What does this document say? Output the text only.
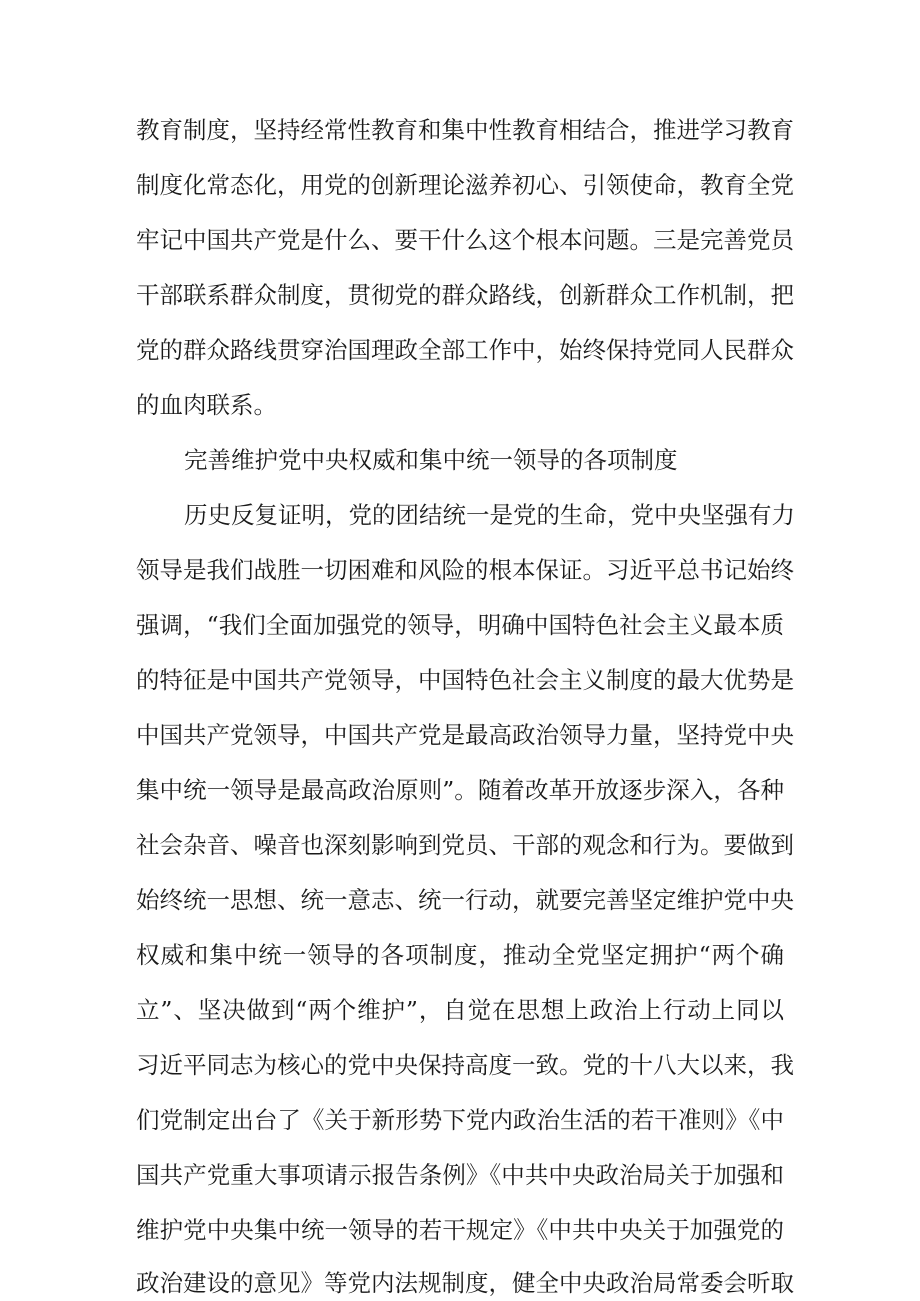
教育制度，坚持经常性教育和集中性教育相结合，推进学习教育
制度化常态化，用党的创新理论滋养初心、引领使命，教育全党
牢记中国共产党是什么、要干什么这个根本问题。三是完善党员
干部联系群众制度，贯彻党的群众路线，创新群众工作机制，把
党的群众路线贯穿治国理政全部工作中，始终保持党同人民群众
的血肉联系。
完善维护党中央权威和集中统一领导的各项制度
历史反复证明，党的团结统一是党的生命，党中央坚强有力
领导是我们战胜一切困难和风险的根本保证。习近平总书记始终
强调，“我们全面加强党的领导，明确中国特色社会主义最本质
的特征是中国共产党领导，中国特色社会主义制度的最大优势是
中国共产党领导，中国共产党是最高政治领导力量，坚持党中央
集中统一领导是最高政治原则”。随着改革开放逐步深入，各种
社会杂音、噪音也深刻影响到党员、干部的观念和行为。要做到
始终统一思想、统一意志、统一行动，就要完善坚定维护党中央
权威和集中统一领导的各项制度，推动全党坚定拥护“两个确
立”、坚决做到“两个维护”，自觉在思想上政治上行动上同以
习近平同志为核心的党中央保持高度一致。党的十八大以来，我
们党制定出台了《关于新形势下党内政治生活的若干准则》《中
国共产党重大事项请示报告条例》《中共中央政治局关于加强和
维护党中央集中统一领导的若干规定》《中共中央关于加强党的
政治建设的意见》等党内法规制度，健全中央政治局常委会听取
